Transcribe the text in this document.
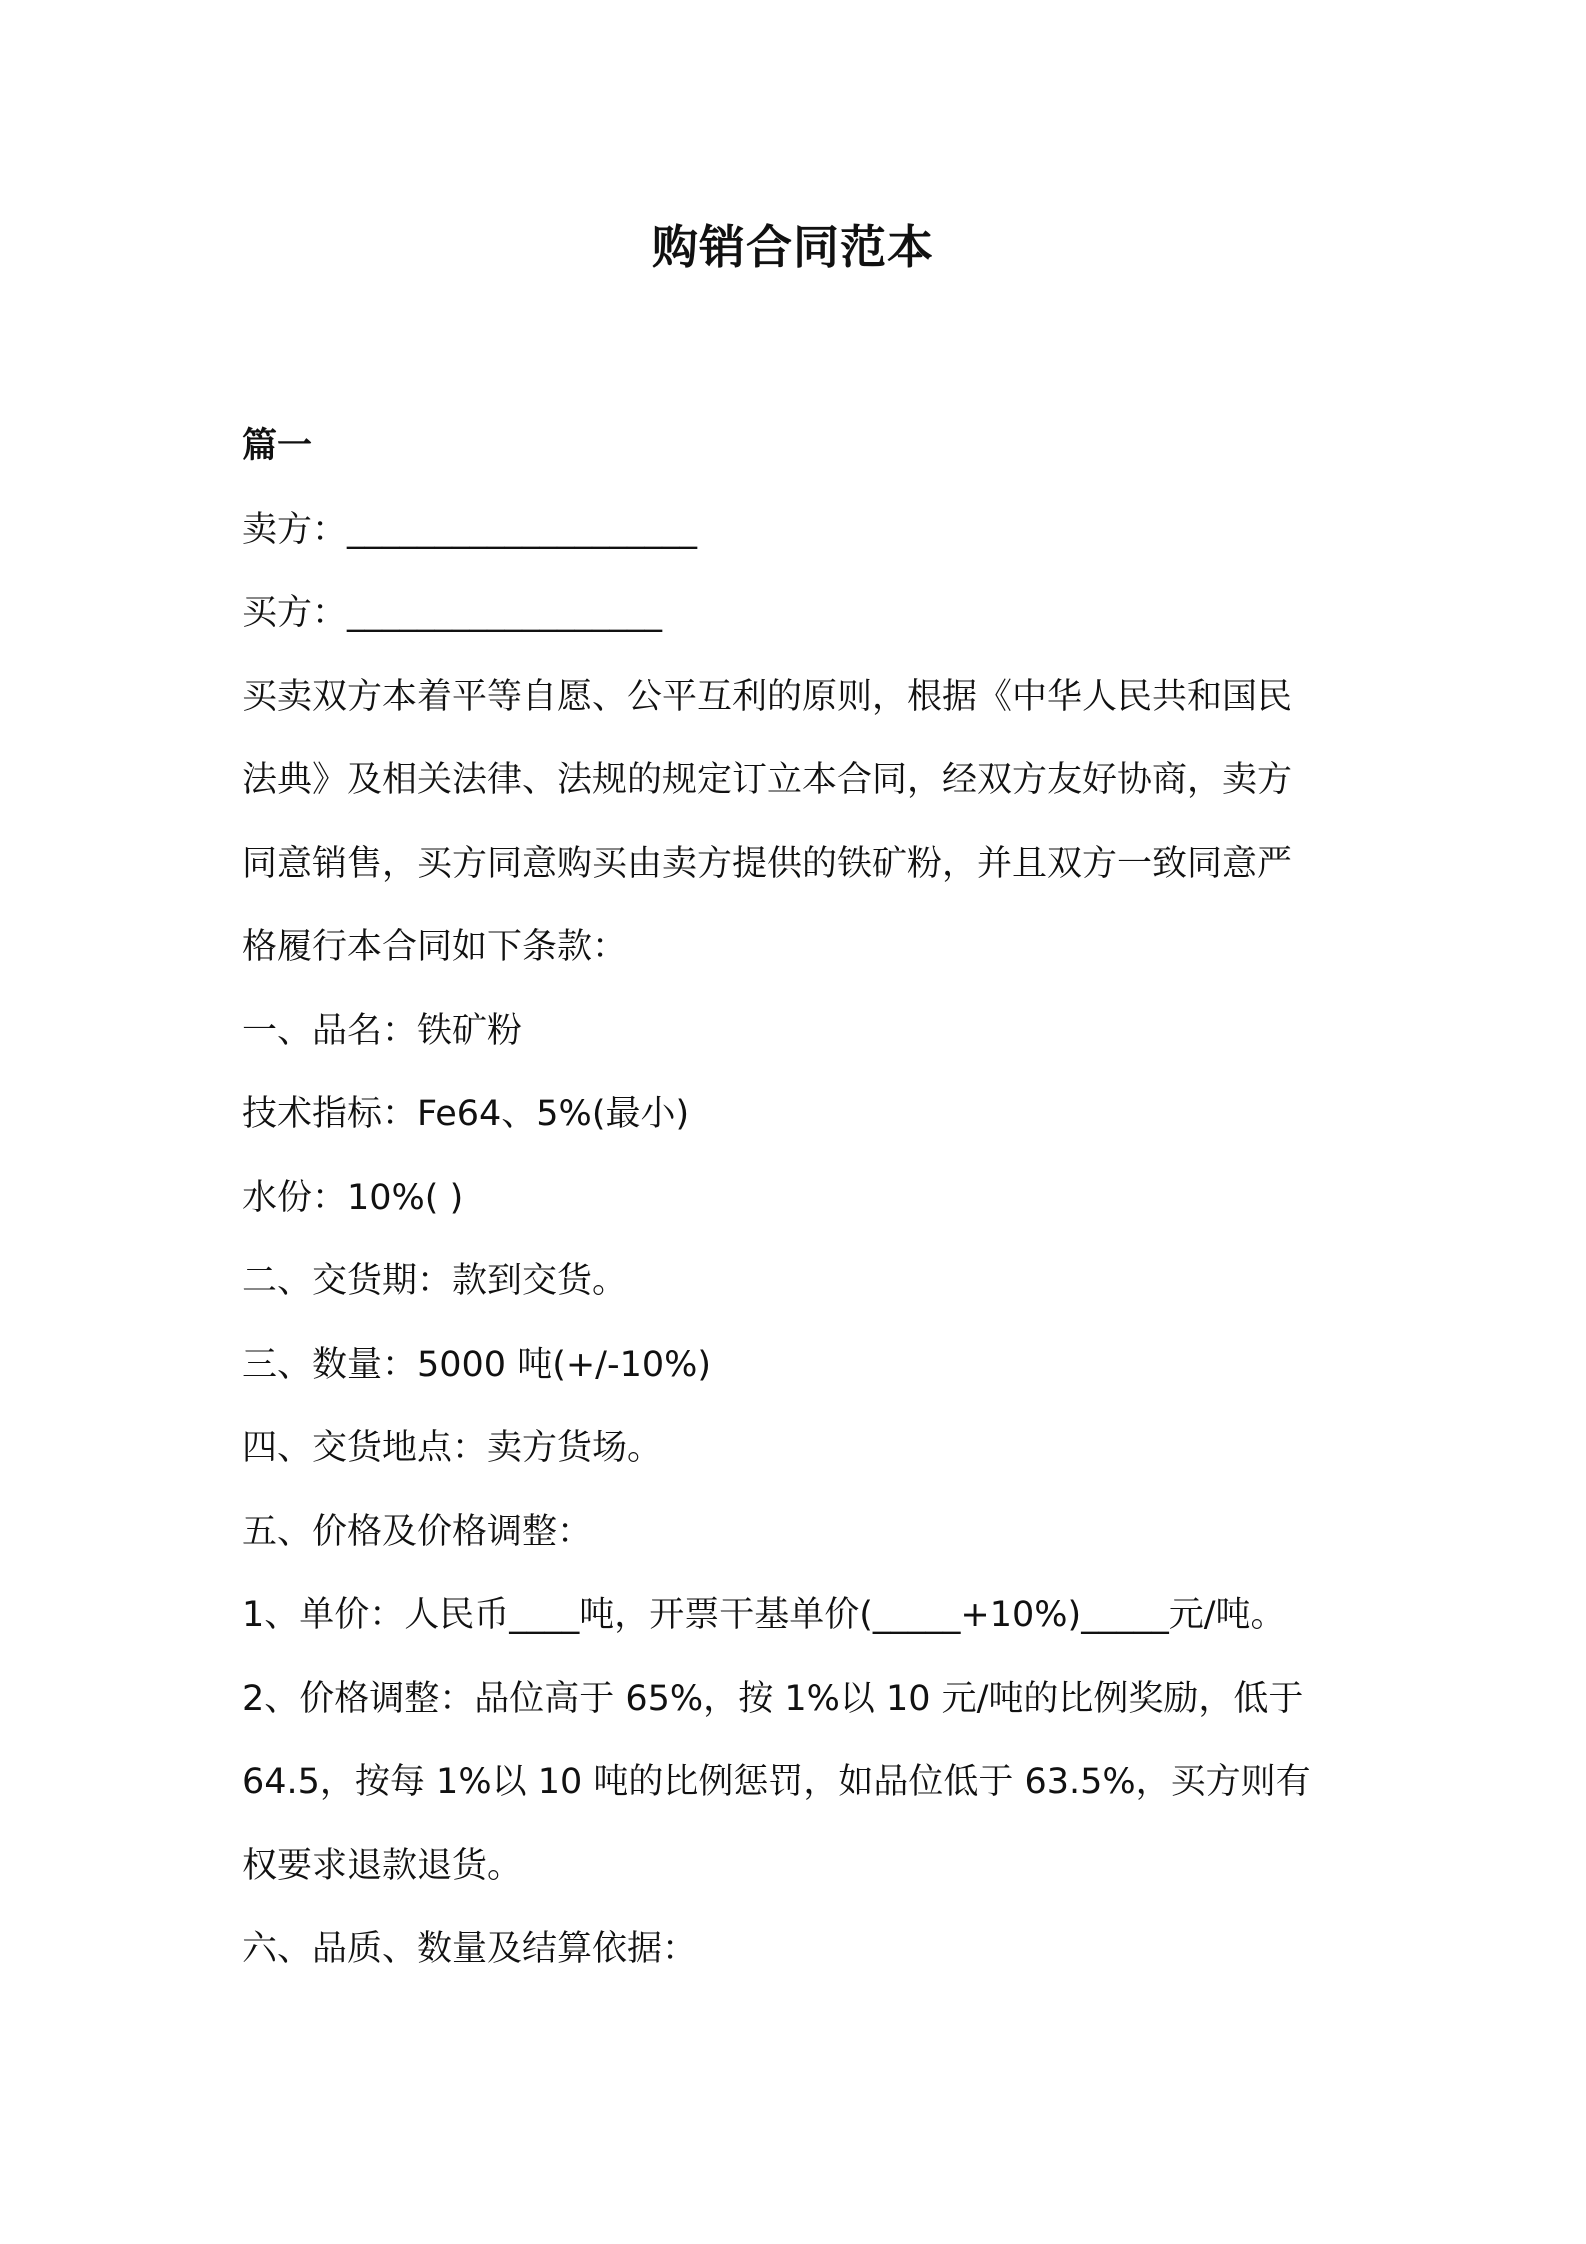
购销合同范本
篇一
卖方：____________________
买方：__________________
买卖双方本着平等自愿、公平互利的原则，根据《中华人民共和国民
法典》及相关法律、法规的规定订立本合同，经双方友好协商，卖方
同意销售，买方同意购买由卖方提供的铁矿粉，并且双方一致同意严
格履行本合同如下条款：
一、品名：铁矿粉
技术指标：Fe64、5%(最小)
水份：10%( )
二、交货期：款到交货。
三、数量：5000 吨(+/-10%)
四、交货地点：卖方货场。
五、价格及价格调整：
1、单价：人民币____吨，开票干基单价(_____+10%)_____元/吨。
2、价格调整：品位高于 65%，按 1%以 10 元/吨的比例奖励，低于
64.5，按每 1%以 10 吨的比例惩罚，如品位低于 63.5%，买方则有
权要求退款退货。
六、品质、数量及结算依据：
